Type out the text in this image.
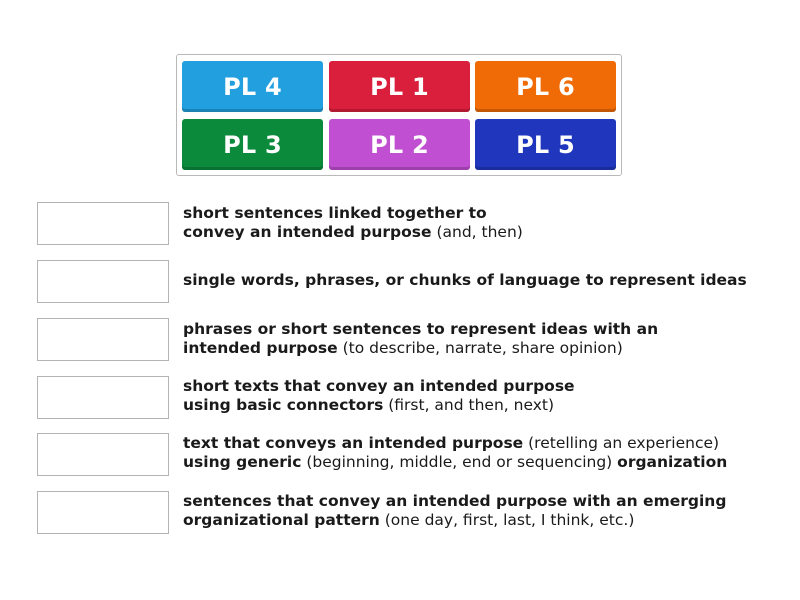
PL 4	PL 1	PL 6
PL 3	PL 2	PL 5
short sentences linked together to
convey an intended purpose (and, then)
single words, phrases, or chunks of language to represent ideas
phrases or short sentences to represent ideas with an
intended purpose (to describe, narrate, share opinion)
short texts that convey an intended purpose
using basic connectors (first, and then, next)
text that conveys an intended purpose (retelling an experience)
using generic (beginning, middle, end or sequencing) organization
sentences that convey an intended purpose with an emerging
organizational pattern (one day, first, last, I think, etc.)
